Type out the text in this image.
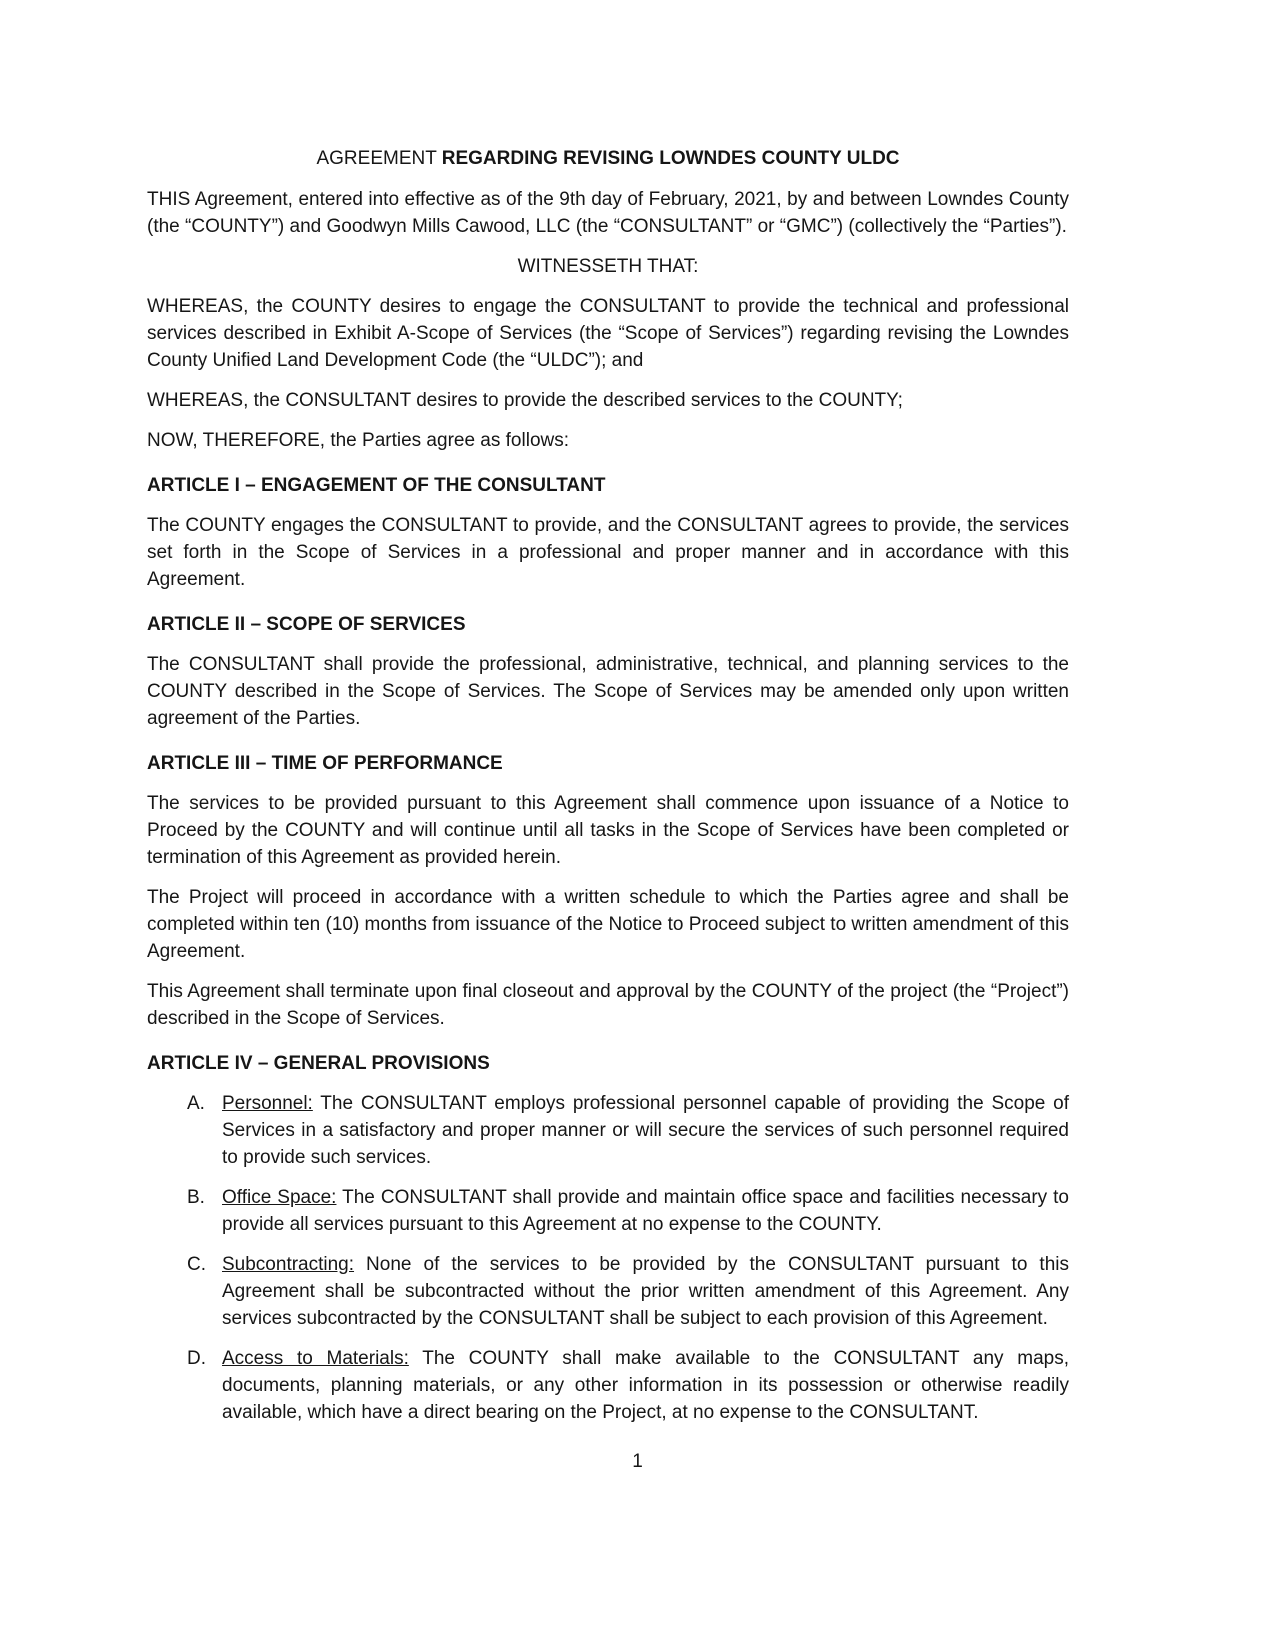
AGREEMENT REGARDING REVISING LOWNDES COUNTY ULDC

THIS Agreement, entered into effective as of the 9th day of February, 2021, by and between Lowndes County (the “COUNTY”) and Goodwyn Mills Cawood, LLC (the “CONSULTANT” or “GMC”) (collectively the “Parties”).

WITNESSETH THAT:

WHEREAS, the COUNTY desires to engage the CONSULTANT to provide the technical and professional services described in Exhibit A-Scope of Services (the “Scope of Services”) regarding revising the Lowndes County Unified Land Development Code (the “ULDC”); and

WHEREAS, the CONSULTANT desires to provide the described services to the COUNTY;

NOW, THEREFORE, the Parties agree as follows:

ARTICLE I – ENGAGEMENT OF THE CONSULTANT

The COUNTY engages the CONSULTANT to provide, and the CONSULTANT agrees to provide, the services set forth in the Scope of Services in a professional and proper manner and in accordance with this Agreement.

ARTICLE II – SCOPE OF SERVICES

The CONSULTANT shall provide the professional, administrative, technical, and planning services to the COUNTY described in the Scope of Services. The Scope of Services may be amended only upon written agreement of the Parties.

ARTICLE III – TIME OF PERFORMANCE

The services to be provided pursuant to this Agreement shall commence upon issuance of a Notice to Proceed by the COUNTY and will continue until all tasks in the Scope of Services have been completed or termination of this Agreement as provided herein.

The Project will proceed in accordance with a written schedule to which the Parties agree and shall be completed within ten (10) months from issuance of the Notice to Proceed subject to written amendment of this Agreement.

This Agreement shall terminate upon final closeout and approval by the COUNTY of the project (the “Project”) described in the Scope of Services.

ARTICLE IV – GENERAL PROVISIONS
A. Personnel: The CONSULTANT employs professional personnel capable of providing the Scope of Services in a satisfactory and proper manner or will secure the services of such personnel required to provide such services.
B. Office Space: The CONSULTANT shall provide and maintain office space and facilities necessary to provide all services pursuant to this Agreement at no expense to the COUNTY.
C. Subcontracting: None of the services to be provided by the CONSULTANT pursuant to this Agreement shall be subcontracted without the prior written amendment of this Agreement. Any services subcontracted by the CONSULTANT shall be subject to each provision of this Agreement.
D. Access to Materials: The COUNTY shall make available to the CONSULTANT any maps, documents, planning materials, or any other information in its possession or otherwise readily available, which have a direct bearing on the Project, at no expense to the CONSULTANT.
1
